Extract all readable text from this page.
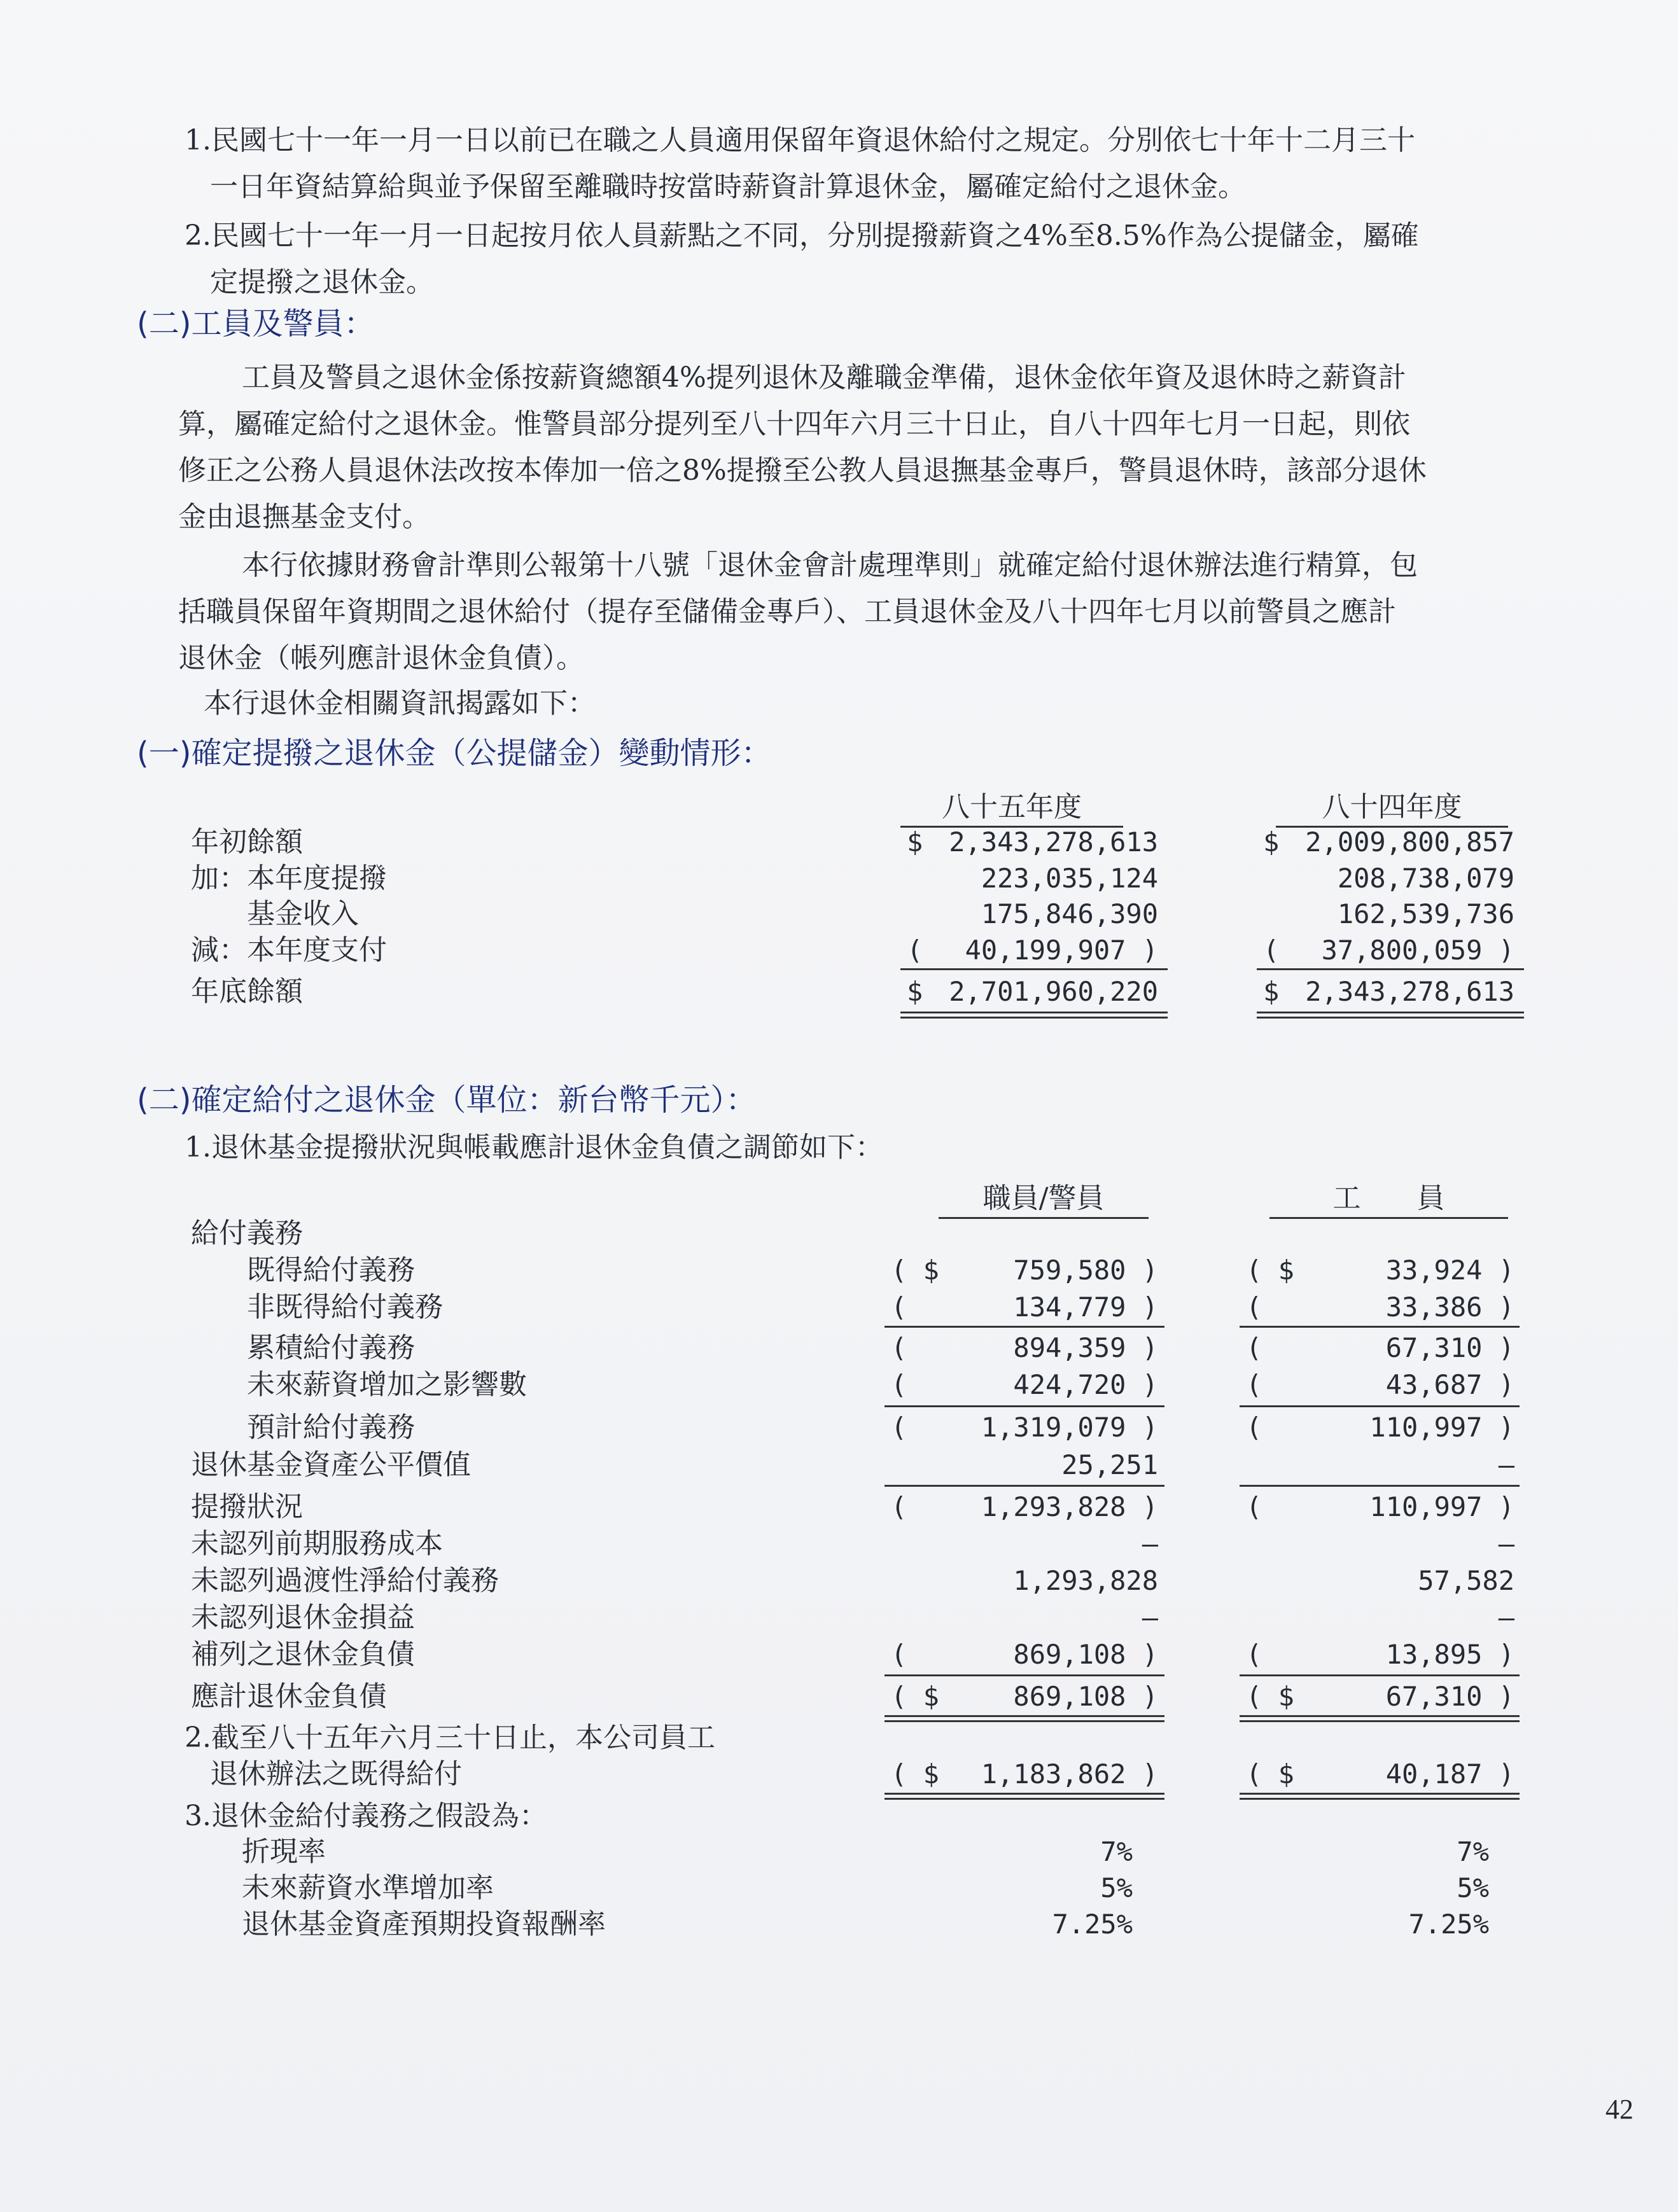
1.民國七十一年一月一日以前已在職之人員適用保留年資退休給付之規定。分別依七十年十二月三十
一日年資結算給與並予保留至離職時按當時薪資計算退休金，屬確定給付之退休金。
2.民國七十一年一月一日起按月依人員薪點之不同，分別提撥薪資之4%至8.5%作為公提儲金，屬確
定提撥之退休金。
(二)工員及警員：
工員及警員之退休金係按薪資總額4%提列退休及離職金準備，退休金依年資及退休時之薪資計
算，屬確定給付之退休金。惟警員部分提列至八十四年六月三十日止，自八十四年七月一日起，則依
修正之公務人員退休法改按本俸加一倍之8%提撥至公教人員退撫基金專戶，警員退休時，該部分退休
金由退撫基金支付。
本行依據財務會計準則公報第十八號「退休金會計處理準則」就確定給付退休辦法進行精算，包
括職員保留年資期間之退休給付（提存至儲備金專戶）、工員退休金及八十四年七月以前警員之應計
退休金（帳列應計退休金負債）。
本行退休金相關資訊揭露如下：
(一)確定提撥之退休金（公提儲金）變動情形：
八十五年度	八十四年度
年初餘額	$ 2,343,278,613	$ 2,009,800,857
加：本年度提撥	223,035,124	208,738,079
　　基金收入	175,846,390	162,539,736
減：本年度支付	(	40,199,907 )	(	37,800,059 )
年底餘額	$ 2,701,960,220	$ 2,343,278,613
(二)確定給付之退休金（單位：新台幣千元）：
1.退休基金提撥狀況與帳載應計退休金負債之調節如下：
職員/警員	工　　員
給付義務
　　既得給付義務	( $	759,580 )	( $	33,924 )
　　非既得給付義務	(	134,779 )	(	33,386 )
　　累積給付義務	(	894,359 )	(	67,310 )
　　未來薪資增加之影響數	(	424,720 )	(	43,687 )
　　預計給付義務	(	1,319,079 )	(	110,997 )
退休基金資產公平價值	25,251	–
提撥狀況	(	1,293,828 )	(	110,997 )
未認列前期服務成本	–	–
未認列過渡性淨給付義務	1,293,828	57,582
未認列退休金損益	–	–
補列之退休金負債	(	869,108 )	(	13,895 )
應計退休金負債	( $	869,108 )	( $	67,310 )
2.截至八十五年六月三十日止，本公司員工
退休辦法之既得給付	( $	1,183,862 )	( $	40,187 )
3.退休金給付義務之假設為：
折現率	7%	7%
未來薪資水準增加率	5%	5%
退休基金資產預期投資報酬率	7.25%	7.25%
42
